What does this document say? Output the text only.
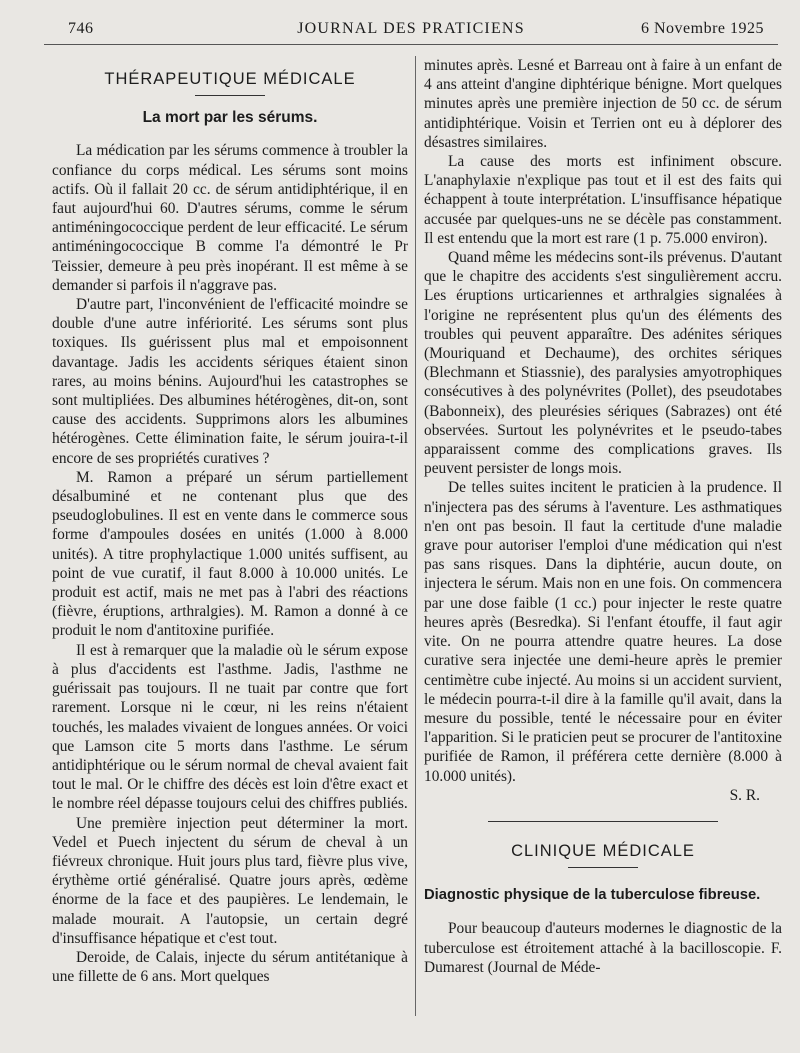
746	JOURNAL DES PRATICIENS	6 Novembre 1925
THÉRAPEUTIQUE MÉDICALE
La mort par les sérums.

La médication par les sérums commence à troubler la confiance du corps médical. Les sérums sont moins actifs. Où il fallait 20 cc. de sérum antidiphtérique, il en faut aujourd'hui 60. D'autres sérums, comme le sérum antiméningococcique perdent de leur efficacité. Le sérum antiméningococcique B comme l'a démontré le Pr Teissier, demeure à peu près inopérant. Il est même à se demander si parfois il n'aggrave pas.

D'autre part, l'inconvénient de l'efficacité moindre se double d'une autre infériorité. Les sérums sont plus toxiques. Ils guérissent plus mal et empoisonnent davantage. Jadis les accidents sériques étaient sinon rares, au moins bénins. Aujourd'hui les catastrophes se sont multipliées. Des albumines hétérogènes, dit-on, sont cause des accidents. Supprimons alors les albumines hétérogènes. Cette élimination faite, le sérum jouira-t-il encore de ses propriétés curatives ?

M. Ramon a préparé un sérum partiellement désalbuminé et ne contenant plus que des pseudoglobulines. Il est en vente dans le commerce sous forme d'ampoules dosées en unités (1.000 à 8.000 unités). A titre prophylactique 1.000 unités suffisent, au point de vue curatif, il faut 8.000 à 10.000 unités. Le produit est actif, mais ne met pas à l'abri des réactions (fièvre, éruptions, arthralgies). M. Ramon a donné à ce produit le nom d'antitoxine purifiée.

Il est à remarquer que la maladie où le sérum expose à plus d'accidents est l'asthme. Jadis, l'asthme ne guérissait pas toujours. Il ne tuait par contre que fort rarement. Lorsque ni le cœur, ni les reins n'étaient touchés, les malades vivaient de longues années. Or voici que Lamson cite 5 morts dans l'asthme. Le sérum antidiphtérique ou le sérum normal de cheval avaient fait tout le mal. Or le chiffre des décès est loin d'être exact et le nombre réel dépasse toujours celui des chiffres publiés.

Une première injection peut déterminer la mort. Vedel et Puech injectent du sérum de cheval à un fiévreux chronique. Huit jours plus tard, fièvre plus vive, érythème ortié généralisé. Quatre jours après, œdème énorme de la face et des paupières. Le lendemain, le malade mourait. A l'autopsie, un certain degré d'insuffisance hépatique et c'est tout.

Deroide, de Calais, injecte du sérum antitétanique à une fillette de 6 ans. Mort quelques

minutes après. Lesné et Barreau ont à faire à un enfant de 4 ans atteint d'angine diphtérique bénigne. Mort quelques minutes après une première injection de 50 cc. de sérum antidiphtérique. Voisin et Terrien ont eu à déplorer des désastres similaires.

La cause des morts est infiniment obscure. L'anaphylaxie n'explique pas tout et il est des faits qui échappent à toute interprétation. L'insuffisance hépatique accusée par quelques-uns ne se décèle pas constamment. Il est entendu que la mort est rare (1 p. 75.000 environ).

Quand même les médecins sont-ils prévenus. D'autant que le chapitre des accidents s'est singulièrement accru. Les éruptions urticariennes et arthralgies signalées à l'origine ne représentent plus qu'un des éléments des troubles qui peuvent apparaître. Des adénites sériques (Mouriquand et Dechaume), des orchites sériques (Blechmann et Stiassnie), des paralysies amyotrophiques consécutives à des polynévrites (Pollet), des pseudotabes (Babonneix), des pleurésies sériques (Sabrazes) ont été observées. Surtout les polynévrites et le pseudo-tabes apparaissent comme des complications graves. Ils peuvent persister de longs mois.

De telles suites incitent le praticien à la prudence. Il n'injectera pas des sérums à l'aventure. Les asthmatiques n'en ont pas besoin. Il faut la certitude d'une maladie grave pour autoriser l'emploi d'une médication qui n'est pas sans risques. Dans la diphtérie, aucun doute, on injectera le sérum. Mais non en une fois. On commencera par une dose faible (1 cc.) pour injecter le reste quatre heures après (Besredka). Si l'enfant étouffe, il faut agir vite. On ne pourra attendre quatre heures. La dose curative sera injectée une demi-heure après le premier centimètre cube injecté. Au moins si un accident survient, le médecin pourra-t-il dire à la famille qu'il avait, dans la mesure du possible, tenté le nécessaire pour en éviter l'apparition. Si le praticien peut se procurer de l'antitoxine purifiée de Ramon, il préférera cette dernière (8.000 à 10.000 unités).

S. R.
CLINIQUE MÉDICALE
Diagnostic physique de la tuberculose fibreuse.

Pour beaucoup d'auteurs modernes le diagnostic de la tuberculose est étroitement attaché à la bacilloscopie. F. Dumarest (Journal de Méde-
